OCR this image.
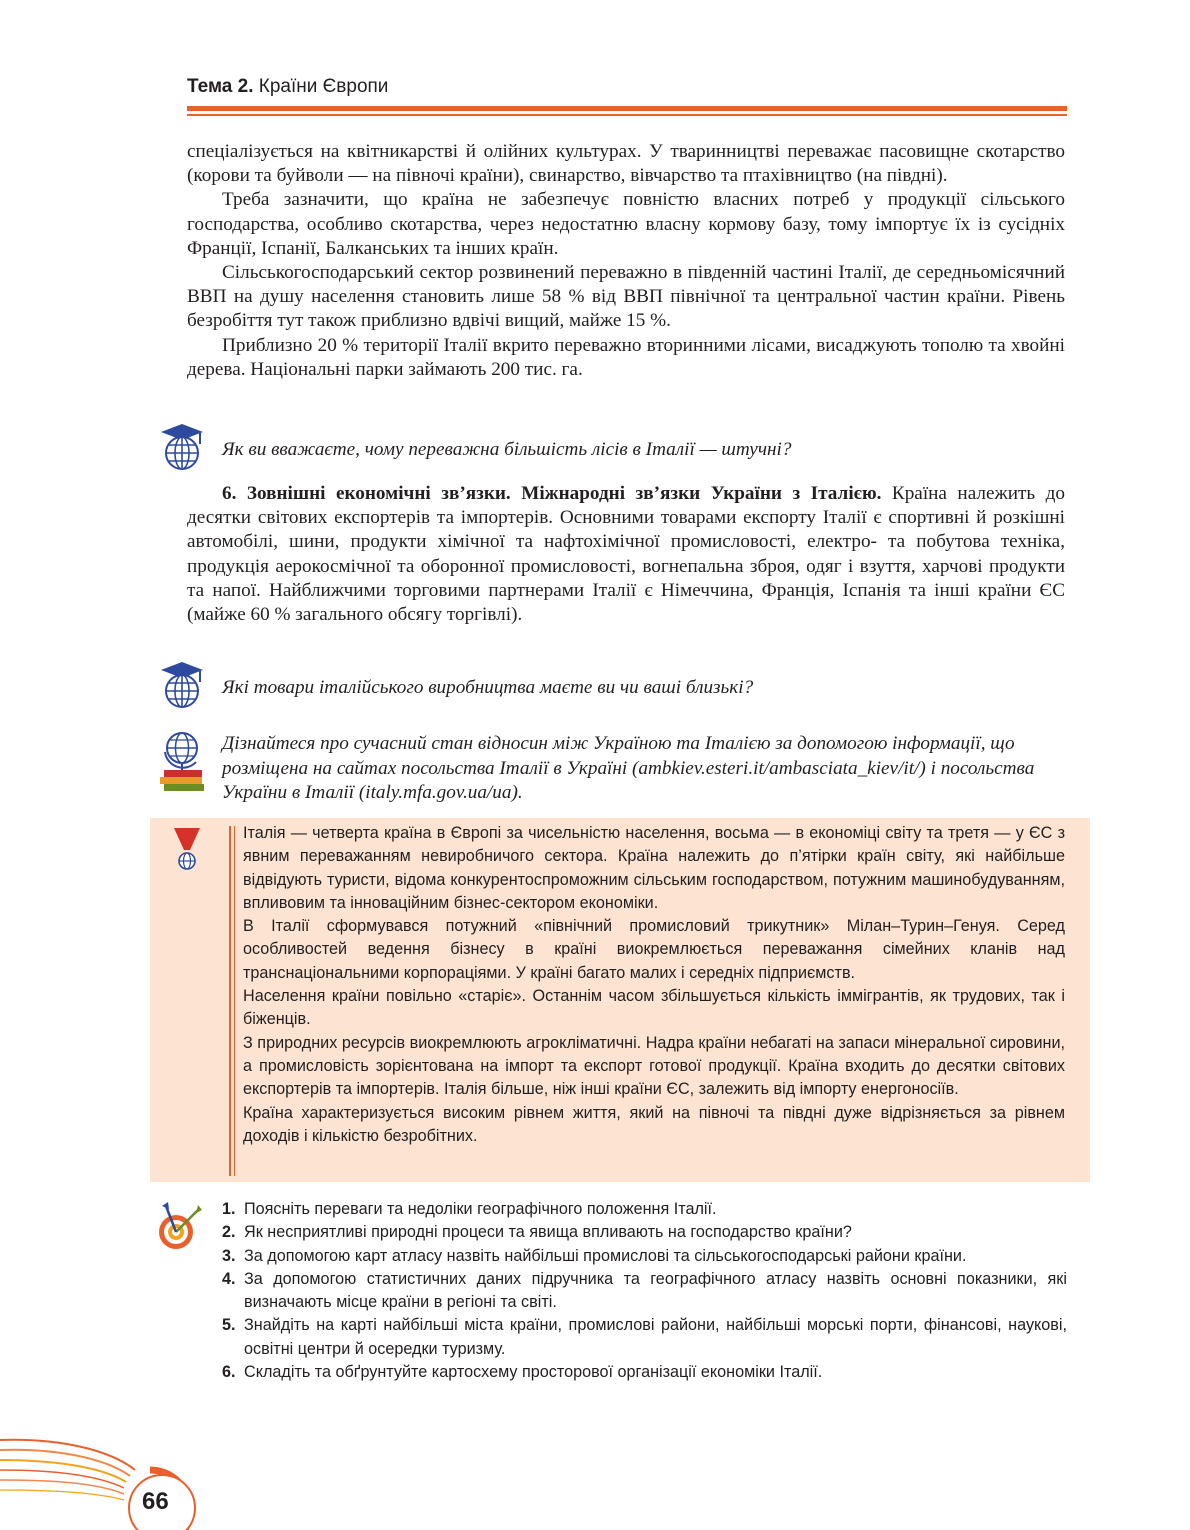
Тема 2. Країни Європи

спеціалізується на квітникарстві й олійних культурах. У тваринництві переважає пасовищне скотарство (корови та буйволи — на півночі країни), свинарство, вівчарство та птахівництво (на півдні).

Треба зазначити, що країна не забезпечує повністю власних потреб у продукції сільського господарства, особливо скотарства, через недостатню власну кормову базу, тому імпортує їх із сусідніх Франції, Іспанії, Балканських та інших країн.

Сільськогосподарський сектор розвинений переважно в південній частині Італії, де середньомісячний ВВП на душу населення становить лише 58 % від ВВП північної та центральної частин країни. Рівень безробіття тут також приблизно вдвічі вищий, майже 15 %.

Приблизно 20 % території Італії вкрито переважно вторинними лісами, висаджують тополю та хвойні дерева. Національні парки займають 200 тис. га.

Як ви вважаєте, чому переважна більшість лісів в Італії — штучні?

6. Зовнішні економічні зв’язки. Міжнародні зв’язки України з Італією. Країна належить до десятки світових експортерів та імпортерів. Основними товарами експорту Італії є спортивні й розкішні автомобілі, шини, продукти хімічної та нафтохімічної промисловості, електро- та побутова техніка, продукція аерокосмічної та оборонної промисловості, вогнепальна зброя, одяг і взуття, харчові продукти та напої. Найближчими торговими партнерами Італії є Німеччина, Франція, Іспанія та інші країни ЄС (майже 60 % загального обсягу торгівлі).

Які товари італійського виробництва маєте ви чи ваші близькі?
Дізнайтеся про сучасний стан відносин між Україною та Італією за допомогою інформації, що розміщена на сайтах посольства Італії в Україні (ambkiev.esteri.it/ambasciata_kiev/it/) і посольства України в Італії (italy.mfa.gov.ua/ua).

Італія — четверта країна в Європі за чисельністю населення, восьма — в економіці світу та третя — у ЄС з явним переважанням невиробничого сектора. Країна належить до п’ятірки країн світу, які найбільше відвідують туристи, відома конкурентоспроможним сільським господарством, потужним машинобудуванням, впливовим та інноваційним бізнес-сектором економіки.

В Італії сформувався потужний «північний промисловий трикутник» Мілан–Турин–Генуя. Серед особливостей ведення бізнесу в країні виокремлюється переважання сімейних кланів над транснаціональними корпораціями. У країні багато малих і середніх підприємств.

Населення країни повільно «старіє». Останнім часом збільшується кількість іммігрантів, як трудових, так і біженців.

З природних ресурсів виокремлюють агрокліматичні. Надра країни небагаті на запаси мінеральної сировини, а промисловість зорієнтована на імпорт та експорт готової продукції. Країна входить до десятки світових експортерів та імпортерів. Італія більше, ніж інші країни ЄС, залежить від імпорту енергоносіїв.

Країна характеризується високим рівнем життя, який на півночі та півдні дуже відрізняється за рівнем доходів і кількістю безробітних.

1. Поясніть переваги та недоліки географічного положення Італії.
2. Як несприятливі природні процеси та явища впливають на господарство країни?
3. За допомогою карт атласу назвіть найбільші промислові та сільськогосподарські райони країни.
4. За допомогою статистичних даних підручника та географічного атласу назвіть основні показники, які визначають місце країни в регіоні та світі.
5. Знайдіть на карті найбільші міста країни, промислові райони, найбільші морські порти, фінансові, наукові, освітні центри й осередки туризму.
6. Складіть та обґрунтуйте картосхему просторової організації економіки Італії.
66
